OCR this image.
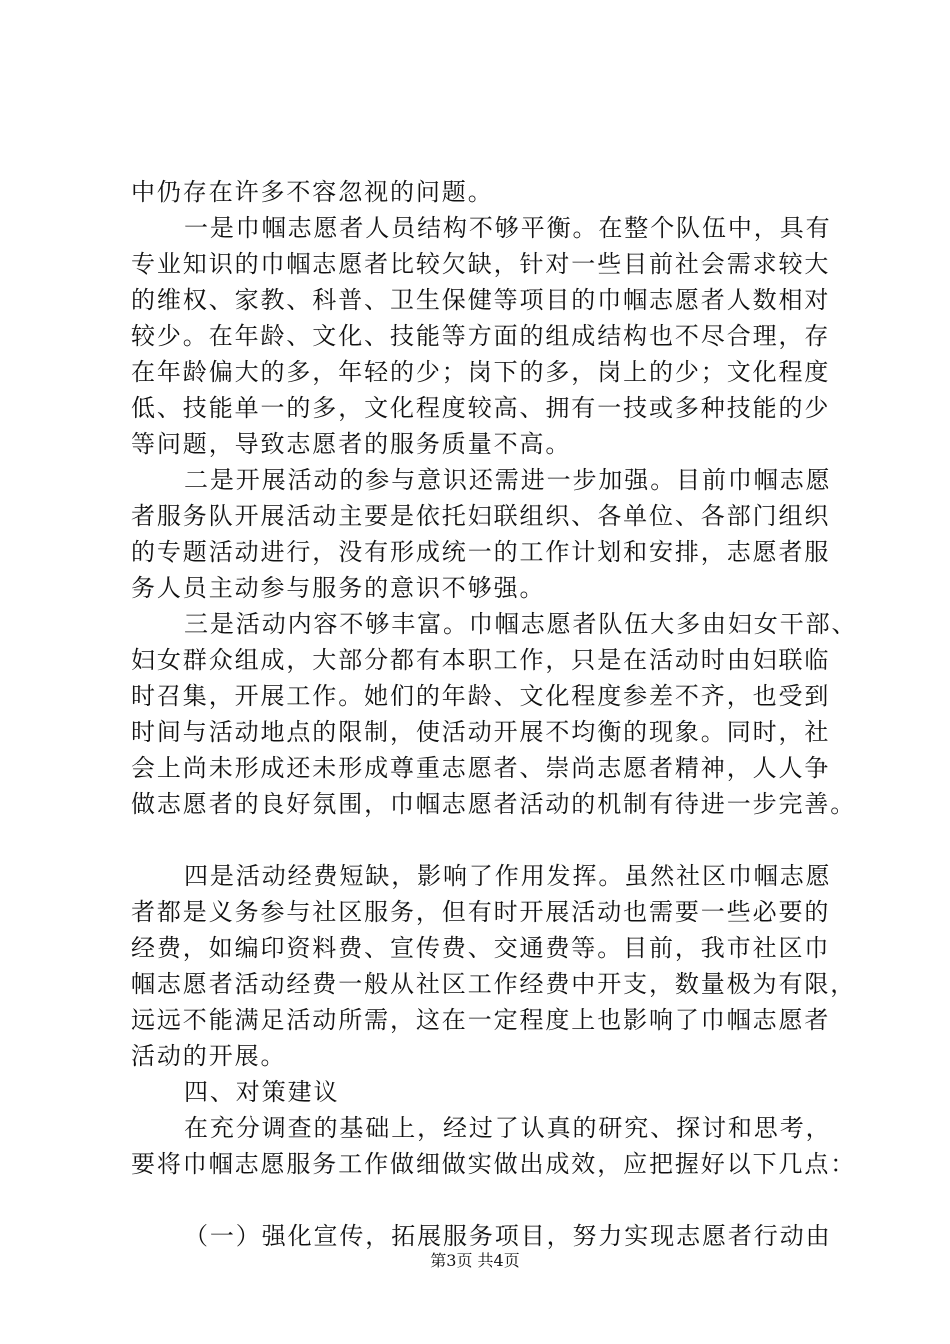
中仍存在许多不容忽视的问题。
一是巾帼志愿者人员结构不够平衡。在整个队伍中，具有
专业知识的巾帼志愿者比较欠缺，针对一些目前社会需求较大
的维权、家教、科普、卫生保健等项目的巾帼志愿者人数相对
较少。在年龄、文化、技能等方面的组成结构也不尽合理，存
在年龄偏大的多，年轻的少；岗下的多，岗上的少；文化程度
低、技能单一的多，文化程度较高、拥有一技或多种技能的少
等问题，导致志愿者的服务质量不高。
二是开展活动的参与意识还需进一步加强。目前巾帼志愿
者服务队开展活动主要是依托妇联组织、各单位、各部门组织
的专题活动进行，没有形成统一的工作计划和安排，志愿者服
务人员主动参与服务的意识不够强。
三是活动内容不够丰富。巾帼志愿者队伍大多由妇女干部、
妇女群众组成，大部分都有本职工作，只是在活动时由妇联临
时召集，开展工作。她们的年龄、文化程度参差不齐，也受到
时间与活动地点的限制，使活动开展不均衡的现象。同时，社
会上尚未形成还未形成尊重志愿者、崇尚志愿者精神，人人争
做志愿者的良好氛围，巾帼志愿者活动的机制有待进一步完善。
四是活动经费短缺，影响了作用发挥。虽然社区巾帼志愿
者都是义务参与社区服务，但有时开展活动也需要一些必要的
经费，如编印资料费、宣传费、交通费等。目前，我市社区巾
帼志愿者活动经费一般从社区工作经费中开支，数量极为有限，
远远不能满足活动所需，这在一定程度上也影响了巾帼志愿者
活动的开展。
四、对策建议
在充分调查的基础上，经过了认真的研究、探讨和思考，
要将巾帼志愿服务工作做细做实做出成效，应把握好以下几点：
（一）强化宣传，拓展服务项目，努力实现志愿者行动由
第3页 共4页
